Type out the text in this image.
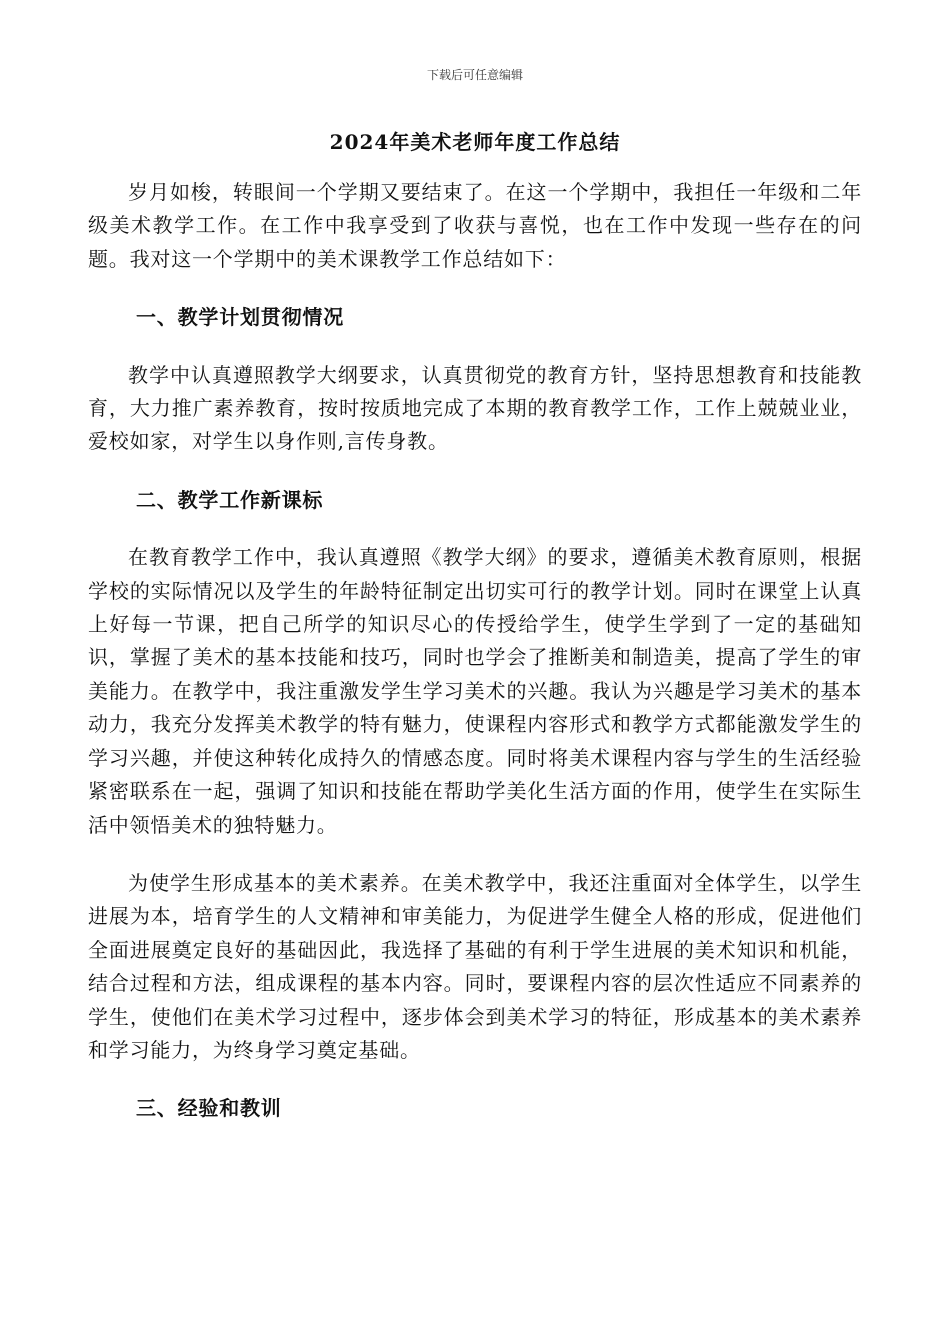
下载后可任意编辑
2024年美术老师年度工作总结

岁月如梭，转眼间一个学期又要结束了。在这一个学期中，我担任一年级和二年级美术教学工作。在工作中我享受到了收获与喜悦，也在工作中发现一些存在的问题。我对这一个学期中的美术课教学工作总结如下：

一、教学计划贯彻情况

教学中认真遵照教学大纲要求，认真贯彻党的教育方针，坚持思想教育和技能教育，大力推广素养教育，按时按质地完成了本期的教育教学工作，工作上兢兢业业，爱校如家，对学生以身作则,言传身教。

二、教学工作新课标

在教育教学工作中，我认真遵照《教学大纲》的要求，遵循美术教育原则，根据学校的实际情况以及学生的年龄特征制定出切实可行的教学计划。同时在课堂上认真上好每一节课，把自己所学的知识尽心的传授给学生，使学生学到了一定的基础知识，掌握了美术的基本技能和技巧，同时也学会了推断美和制造美，提高了学生的审美能力。在教学中，我注重激发学生学习美术的兴趣。我认为兴趣是学习美术的基本动力，我充分发挥美术教学的特有魅力，使课程内容形式和教学方式都能激发学生的学习兴趣，并使这种转化成持久的情感态度。同时将美术课程内容与学生的生活经验紧密联系在一起，强调了知识和技能在帮助学美化生活方面的作用，使学生在实际生活中领悟美术的独特魅力。

为使学生形成基本的美术素养。在美术教学中，我还注重面对全体学生，以学生进展为本，培育学生的人文精神和审美能力，为促进学生健全人格的形成，促进他们全面进展奠定良好的基础因此，我选择了基础的有利于学生进展的美术知识和机能，结合过程和方法，组成课程的基本内容。同时，要课程内容的层次性适应不同素养的学生，使他们在美术学习过程中，逐步体会到美术学习的特征，形成基本的美术素养和学习能力，为终身学习奠定基础。

三、经验和教训
